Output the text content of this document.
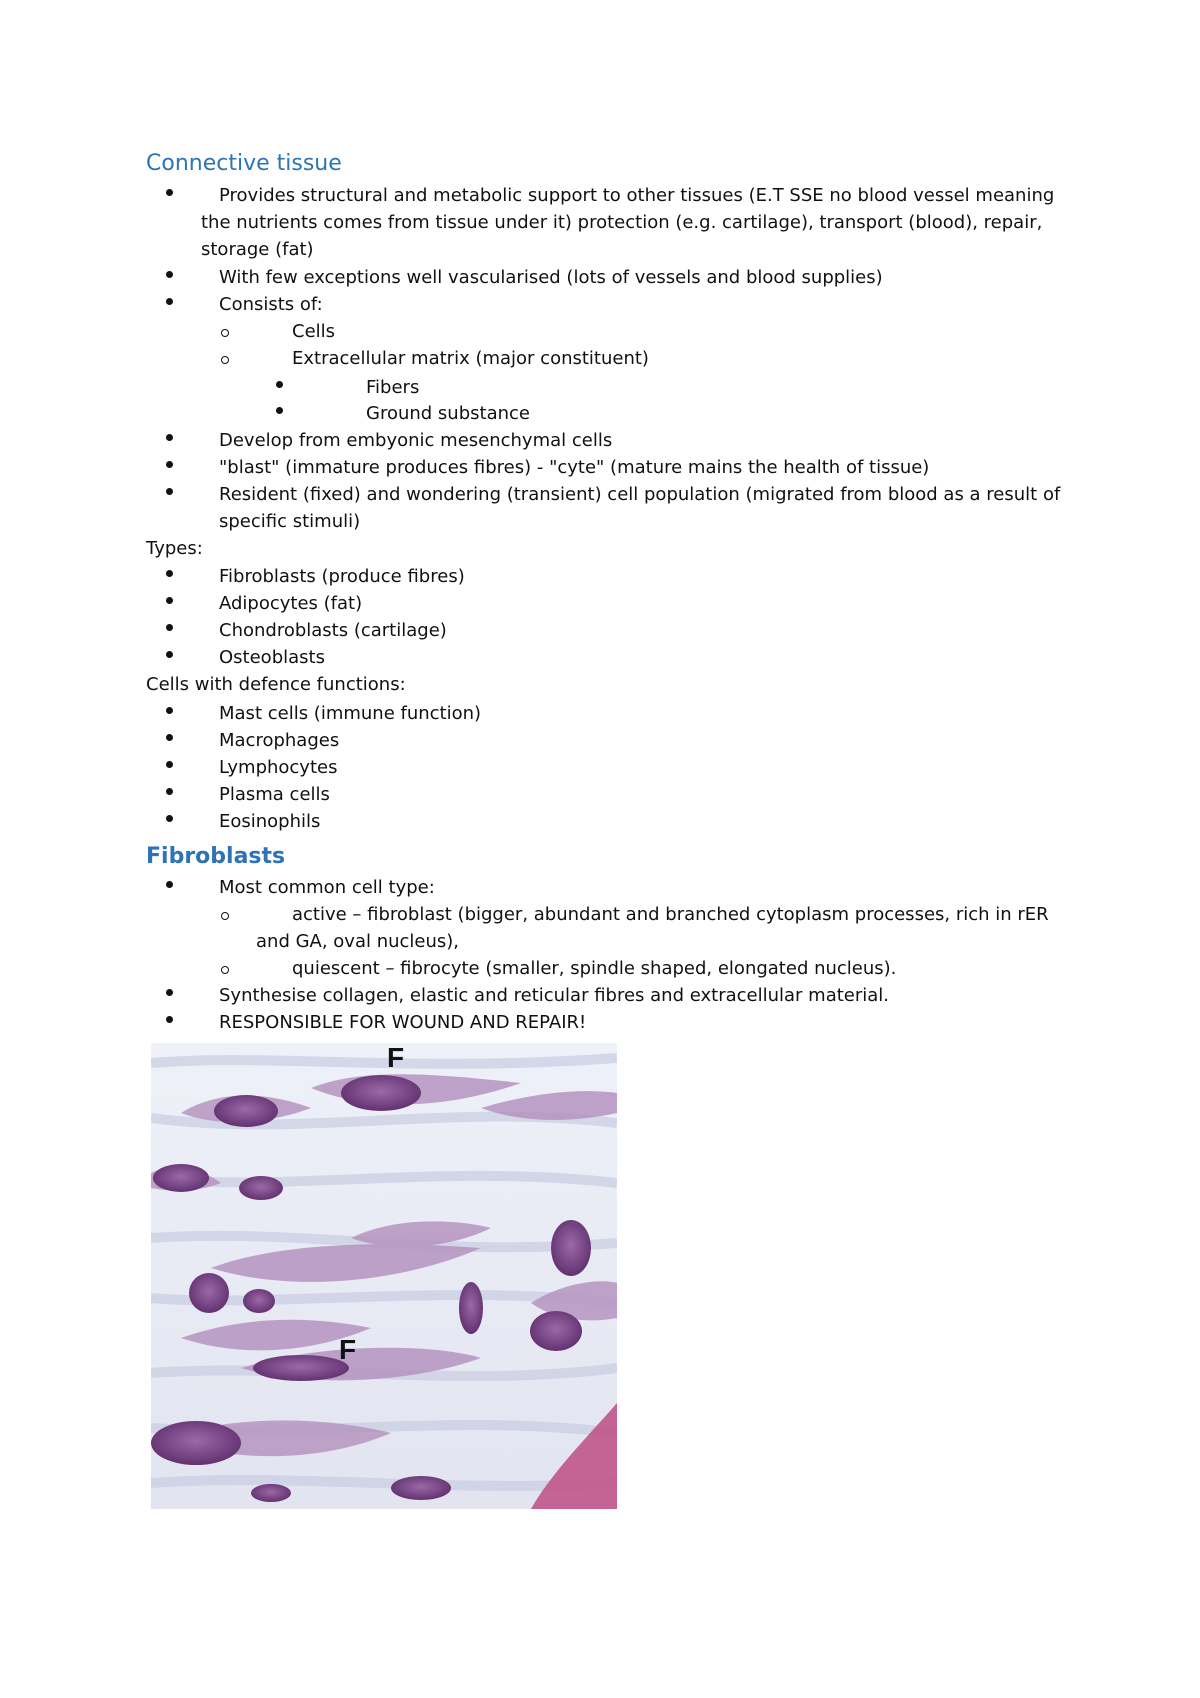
Connective tissue
Provides structural and metabolic support to other tissues (E.T SSE no blood vessel meaning
the nutrients comes from tissue under it) protection (e.g. cartilage), transport (blood), repair,
storage (fat)
With few exceptions well vascularised (lots of vessels and blood supplies)
Consists of:
Cells
Extracellular matrix (major constituent)
Fibers
Ground substance
Develop from embyonic mesenchymal cells
"blast" (immature produces fibres) - "cyte" (mature mains the health of tissue)
Resident (fixed) and wondering (transient) cell population (migrated from blood as a result of
specific stimuli)
Types:
Fibroblasts (produce fibres)
Adipocytes (fat)
Chondroblasts (cartilage)
Osteoblasts
Cells with defence functions:
Mast cells (immune function)
Macrophages
Lymphocytes
Plasma cells
Eosinophils
Fibroblasts
Most common cell type:
active – fibroblast (bigger, abundant and branched cytoplasm processes, rich in rER
and GA, oval nucleus),
quiescent – fibrocyte (smaller, spindle shaped, elongated nucleus).
Synthesise collagen, elastic and reticular fibres and extracellular material.
RESPONSIBLE FOR WOUND AND REPAIR!
F
F
